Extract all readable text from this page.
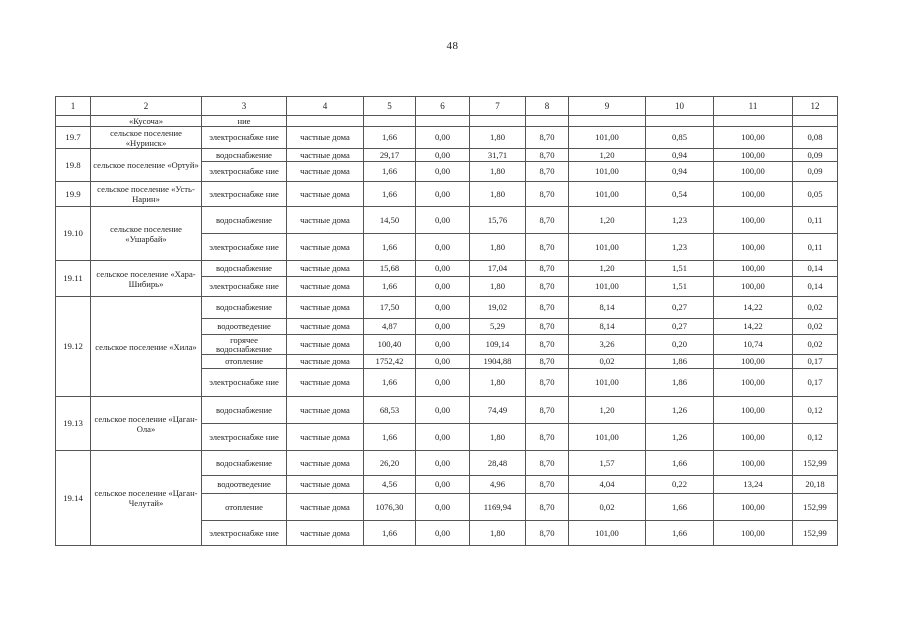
48
1	2	3	4	5	6	7	8	9	10	11	12
	«Кусоча»	ние									
19.7	сельское поселение «Нуринск»	электроснабже ние	частные дома	1,66	0,00	1,80	8,70	101,00	0,85	100,00	0,08
19.8	сельское поселение «Ортуй»	водоснабжение	частные дома	29,17	0,00	31,71	8,70	1,20	0,94	100,00	0,09
		электроснабже ние	частные дома	1,66	0,00	1,80	8,70	101,00	0,94	100,00	0,09
19.9	сельское поселение «Усть-Нарин»	электроснабже ние	частные дома	1,66	0,00	1,80	8,70	101,00	0,54	100,00	0,05
19.10	сельское поселение «Ушарбай»	водоснабжение	частные дома	14,50	0,00	15,76	8,70	1,20	1,23	100,00	0,11
		электроснабже ние	частные дома	1,66	0,00	1,80	8,70	101,00	1,23	100,00	0,11
19.11	сельское поселение «Хара-Шибирь»	водоснабжение	частные дома	15,68	0,00	17,04	8,70	1,20	1,51	100,00	0,14
		электроснабже ние	частные дома	1,66	0,00	1,80	8,70	101,00	1,51	100,00	0,14
19.12	сельское поселение «Хила»	водоснабжение	частные дома	17,50	0,00	19,02	8,70	8,14	0,27	14,22	0,02
		водоотведение	частные дома	4,87	0,00	5,29	8,70	8,14	0,27	14,22	0,02
		горячее водоснабжение	частные дома	100,40	0,00	109,14	8,70	3,26	0,20	10,74	0,02
		отопление	частные дома	1752,42	0,00	1904,88	8,70	0,02	1,86	100,00	0,17
		электроснабже ние	частные дома	1,66	0,00	1,80	8,70	101,00	1,86	100,00	0,17
19.13	сельское поселение «Цаган-Ола»	водоснабжение	частные дома	68,53	0,00	74,49	8,70	1,20	1,26	100,00	0,12
		электроснабже ние	частные дома	1,66	0,00	1,80	8,70	101,00	1,26	100,00	0,12
19.14	сельское поселение «Цаган-Челутай»	водоснабжение	частные дома	26,20	0,00	28,48	8,70	1,57	1,66	100,00	152,99
		водоотведение	частные дома	4,56	0,00	4,96	8,70	4,04	0,22	13,24	20,18
		отопление	частные дома	1076,30	0,00	1169,94	8,70	0,02	1,66	100,00	152,99
		электроснабже ние	частные дома	1,66	0,00	1,80	8,70	101,00	1,66	100,00	152,99
